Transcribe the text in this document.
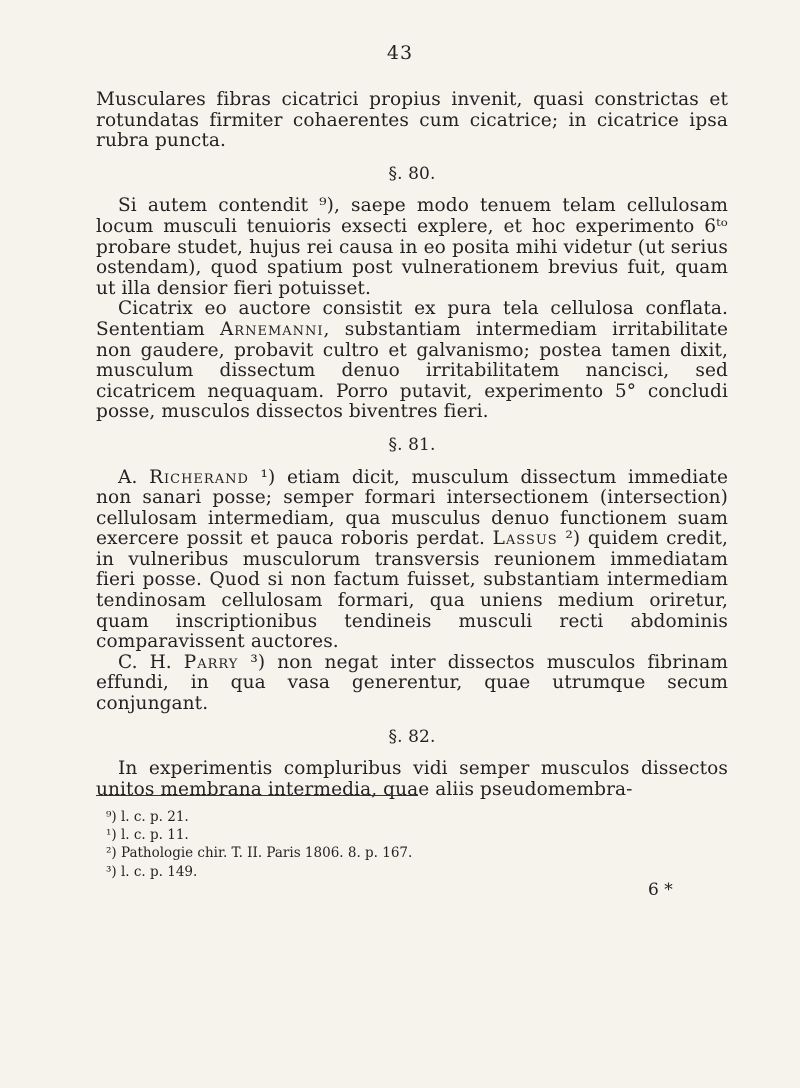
43

Musculares fibras cicatrici propius invenit, quasi constrictas et rotundatas firmiter cohaerentes cum cicatrice; in cicatrice ipsa rubra puncta.

§. 80.

Si autem contendit ⁹), saepe modo tenuem telam cellulosam locum musculi tenuioris exsecti explere, et hoc experimento 6ᵗᵒ probare studet, hujus rei causa in eo posita mihi videtur (ut serius ostendam), quod spatium post vulnerationem brevius fuit, quam ut illa densior fieri potuisset.

Cicatrix eo auctore consistit ex pura tela cellulosa conflata. Sententiam Arnemanni, substantiam intermediam irritabilitate non gaudere, probavit cultro et galvanismo; postea tamen dixit, musculum dissectum denuo irritabilitatem nancisci, sed cicatricem nequaquam. Porro putavit, experimento 5° concludi posse, musculos dissectos biventres fieri.

§. 81.

A. Richerand ¹) etiam dicit, musculum dissectum immediate non sanari posse; semper formari intersectionem (intersection) cellulosam intermediam, qua musculus denuo functionem suam exercere possit et pauca roboris perdat. Lassus ²) quidem credit, in vulneribus musculorum transversis reunionem immediatam fieri posse. Quod si non factum fuisset, substantiam intermediam tendinosam cellulosam formari, qua uniens medium oriretur, quam inscriptionibus tendineis musculi recti abdominis comparavissent auctores.

C. H. Parry ³) non negat inter dissectos musculos fibrinam effundi, in qua vasa generentur, quae utrumque secum conjungant.

§. 82.

In experimentis compluribus vidi semper musculos dissectos unitos membrana intermedia, quae aliis pseudomembra-

⁹) l. c. p. 21.

¹) l. c. p. 11.

²) Pathologie chir. T. II. Paris 1806. 8. p. 167.

³) l. c. p. 149.

6 *
